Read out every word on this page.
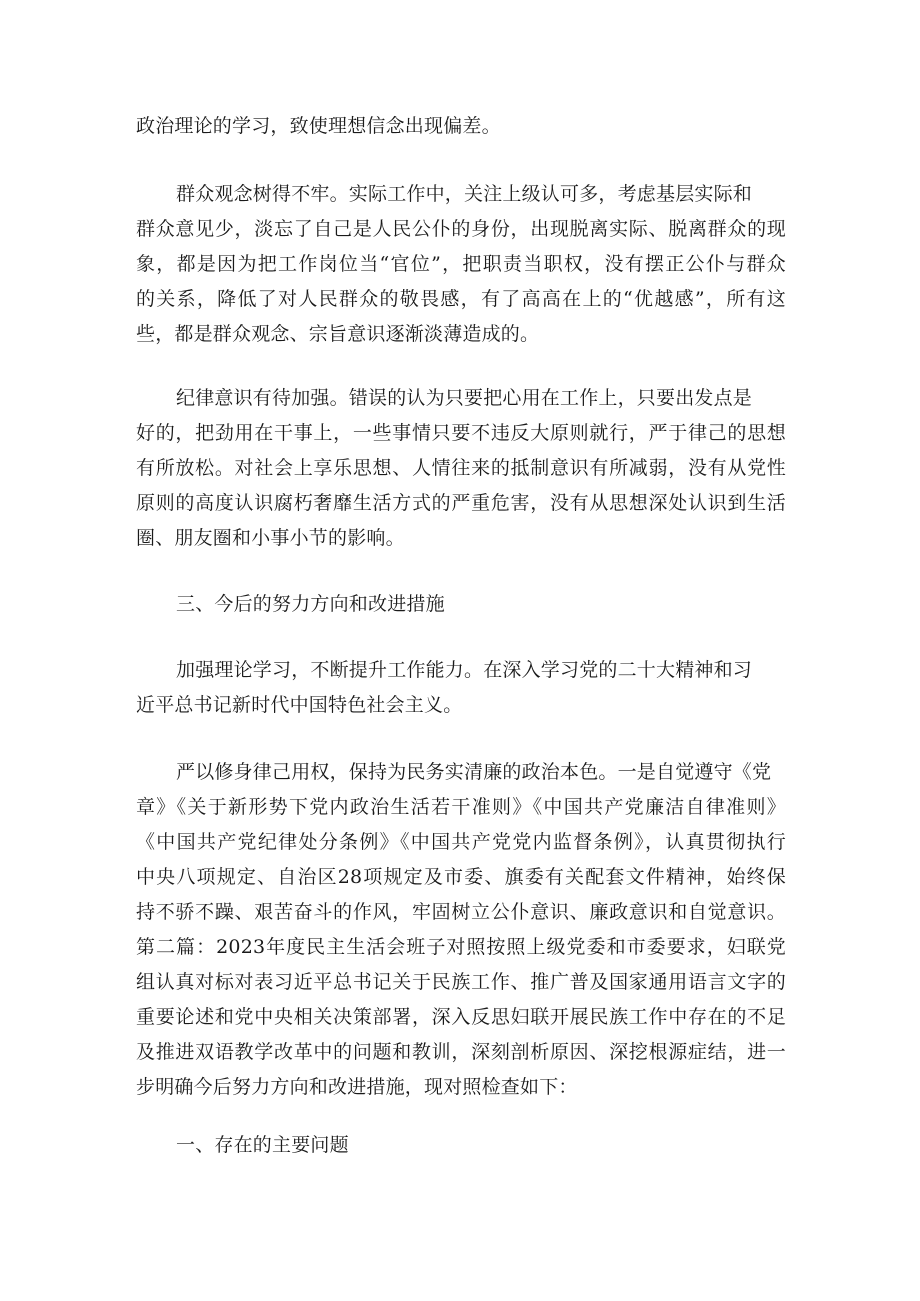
政治理论的学习，致使理想信念出现偏差。
群众观念树得不牢。实际工作中，关注上级认可多，考虑基层实际和
群众意见少，淡忘了自己是人民公仆的身份，出现脱离实际、脱离群众的现
象，都是因为把工作岗位当“官位”，把职责当职权，没有摆正公仆与群众
的关系，降低了对人民群众的敬畏感，有了高高在上的“优越感”，所有这
些，都是群众观念、宗旨意识逐渐淡薄造成的。
纪律意识有待加强。错误的认为只要把心用在工作上，只要出发点是
好的，把劲用在干事上，一些事情只要不违反大原则就行，严于律己的思想
有所放松。对社会上享乐思想、人情往来的抵制意识有所减弱，没有从党性
原则的高度认识腐朽奢靡生活方式的严重危害，没有从思想深处认识到生活
圈、朋友圈和小事小节的影响。
三、今后的努力方向和改进措施
加强理论学习，不断提升工作能力。在深入学习党的二十大精神和习
近平总书记新时代中国特色社会主义。
严以修身律己用权，保持为民务实清廉的政治本色。一是自觉遵守《党
章》《关于新形势下党内政治生活若干准则》《中国共产党廉洁自律准则》
《中国共产党纪律处分条例》《中国共产党党内监督条例》，认真贯彻执行
中央八项规定、自治区28项规定及市委、旗委有关配套文件精神，始终保
持不骄不躁、艰苦奋斗的作风，牢固树立公仆意识、廉政意识和自觉意识。
第二篇：2023年度民主生活会班子对照按照上级党委和市委要求，妇联党
组认真对标对表习近平总书记关于民族工作、推广普及国家通用语言文字的
重要论述和党中央相关决策部署，深入反思妇联开展民族工作中存在的不足
及推进双语教学改革中的问题和教训，深刻剖析原因、深挖根源症结，进一
步明确今后努力方向和改进措施，现对照检查如下：
一、存在的主要问题
